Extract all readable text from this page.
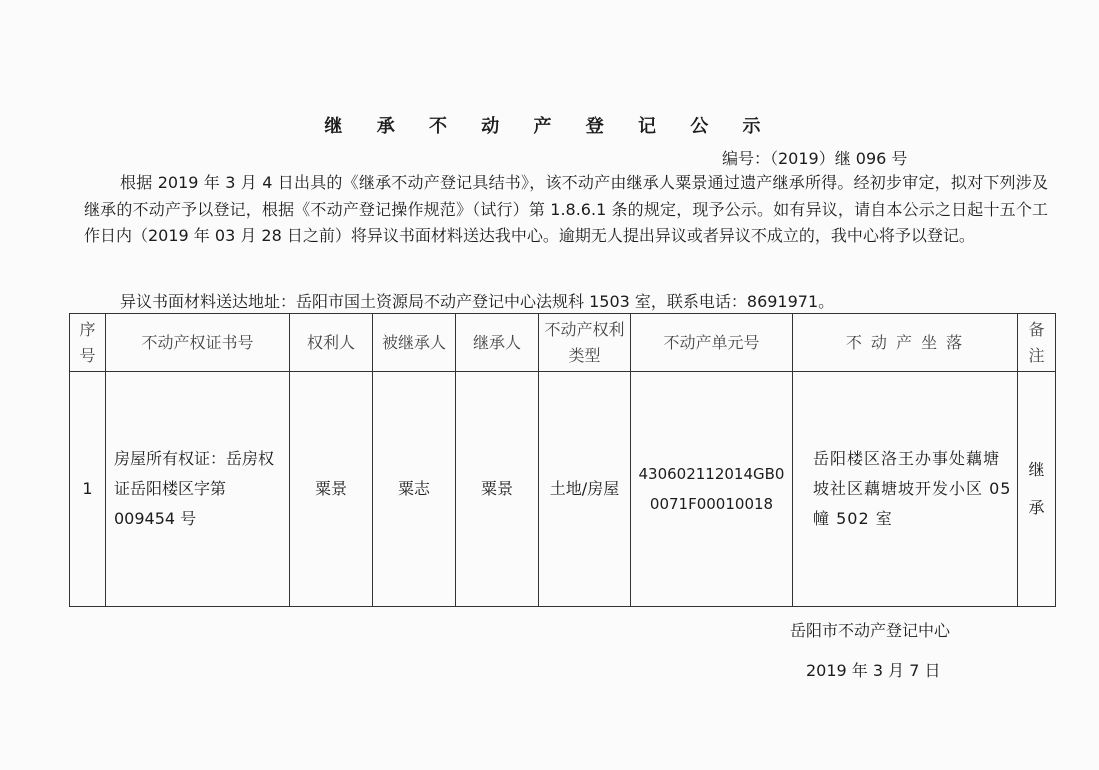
继 承 不 动 产 登 记 公 示
编号：（2019）继 096 号

根据 2019 年 3 月 4 日出具的《继承不动产登记具结书》，该不动产由继承人粟景通过遗产继承所得。经初步审定，拟对下列涉及继承的不动产予以登记，根据《不动产登记操作规范》（试行）第 1.8.6.1 条的规定，现予公示。如有异议，请自本公示之日起十五个工作日内（2019 年 03 月 28 日之前）将异议书面材料送达我中心。逾期无人提出异议或者异议不成立的，我中心将予以登记。

异议书面材料送达地址：岳阳市国土资源局不动产登记中心法规科 1503 室，联系电话：8691971。
序号	不动产权证书号	权利人	被继承人	继承人	不动产权利类型	不动产单元号	不 动 产 坐 落	备注
1	房屋所有权证：岳房权证岳阳楼区字第 009454 号	粟景	粟志	粟景	土地/房屋	430602112014GB00071F00010018	岳阳楼区洛王办事处藕塘坡社区藕塘坡开发小区 05 幢 502 室	继承
岳阳市不动产登记中心
2019 年 3 月 7 日
